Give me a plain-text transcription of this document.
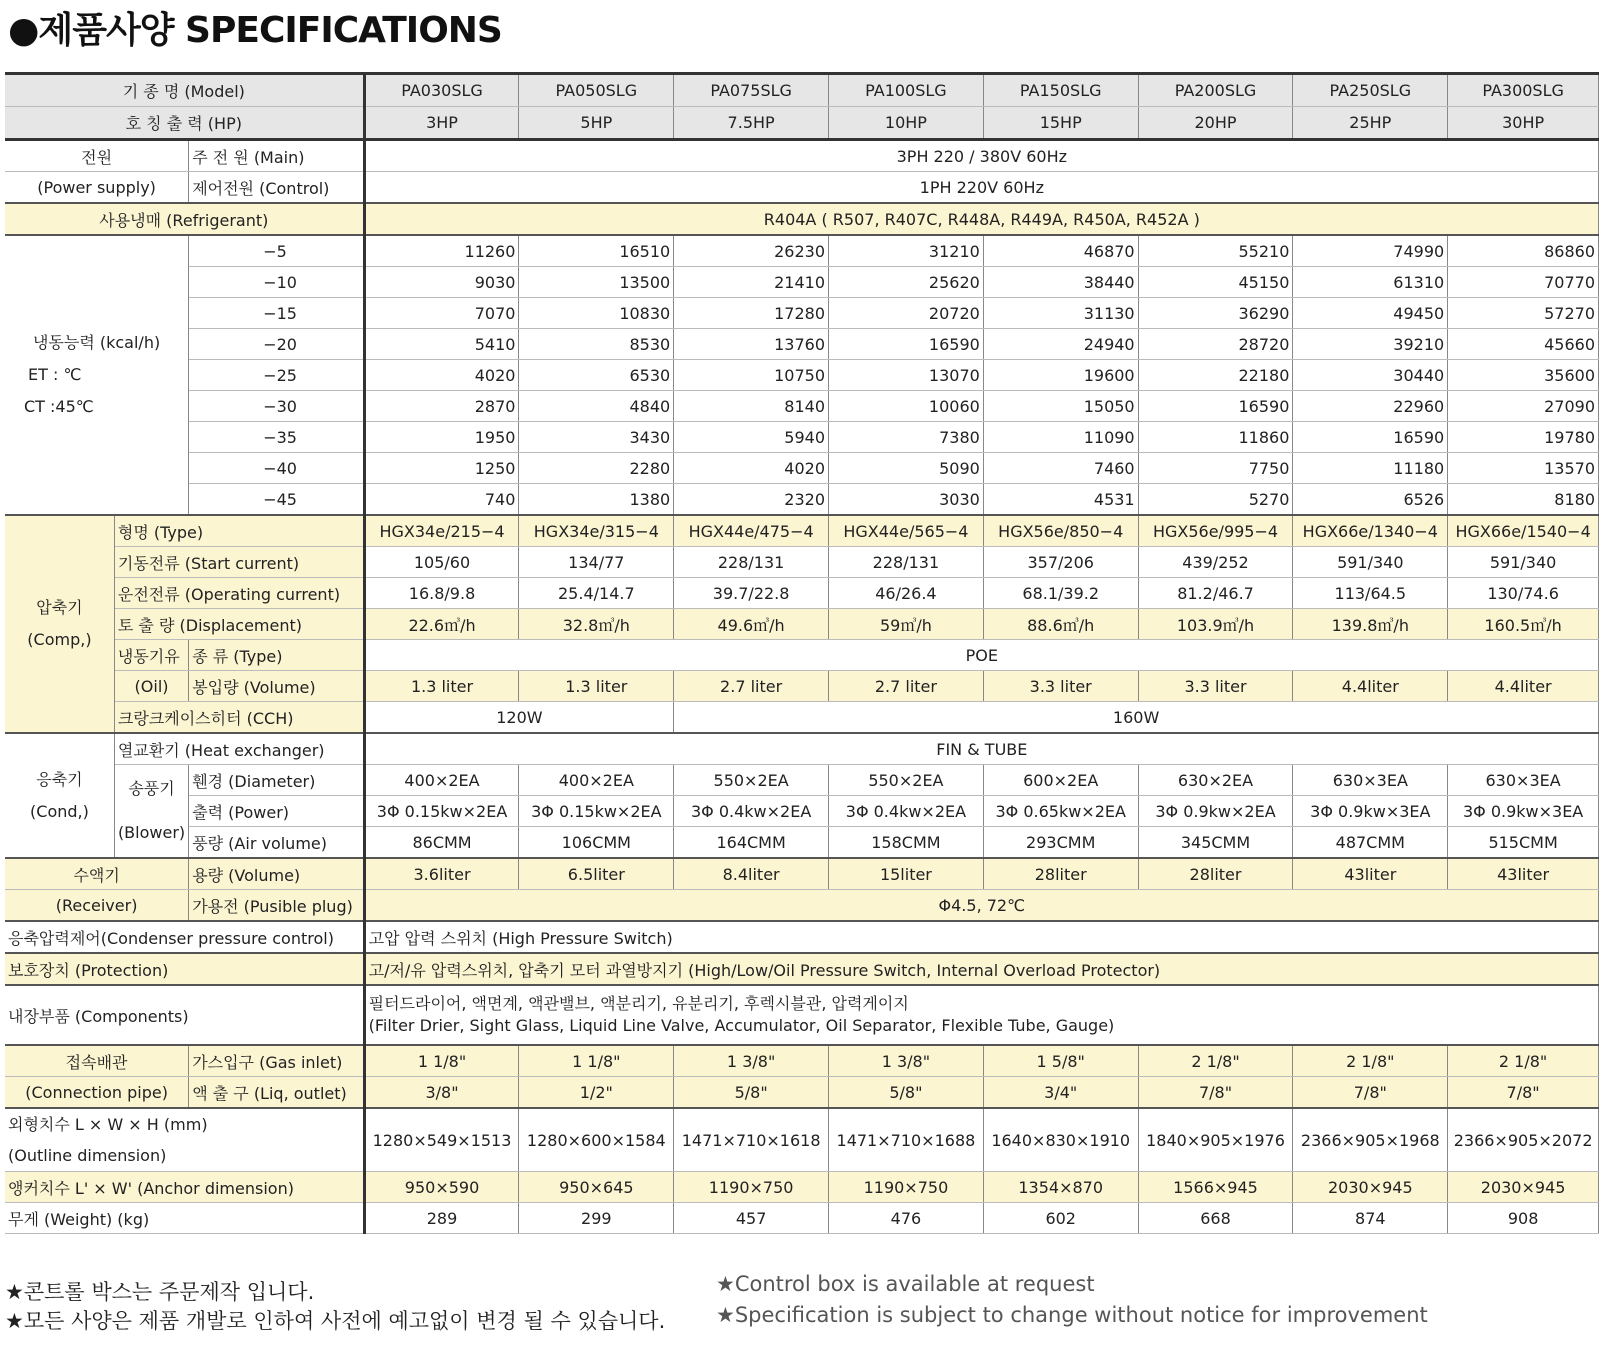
●제품사양 SPECIFICATIONS
기 종 명 (Model)			PA030SLG	PA050SLG	PA075SLG	PA100SLG	PA150SLG	PA200SLG	PA250SLG	PA300SLG
호 칭 출 력 (HP)			3HP	5HP	7.5HP	10HP	15HP	20HP	25HP	30HP
전원		주 전 원 (Main)	3PH 220 / 380V 60Hz							
(Power supply)		제어전원 (Control)	1PH 220V 60Hz							
사용냉매 (Refrigerant)			R404A ( R507, R407C, R448A, R449A, R450A, R452A )							

냉동능력 (kcal/h)
ET : ℃
CT :45℃		−5	11260	16510	26230	31210	46870	55210	74990	86860
		−10	9030	13500	21410	25620	38440	45150	61310	70770
		−15	7070	10830	17280	20720	31130	36290	49450	57270
		−20	5410	8530	13760	16590	24940	28720	39210	45660
		−25	4020	6530	10750	13070	19600	22180	30440	35600
		−30	2870	4840	8140	10060	15050	16590	22960	27090
		−35	1950	3430	5940	7380	11090	11860	16590	19780
		−40	1250	2280	4020	5090	7460	7750	11180	13570
		−45	740	1380	2320	3030	4531	5270	6526	8180

압축기
(Comp,)	형명 (Type)		HGX34e/215−4	HGX34e/315−4	HGX44e/475−4	HGX44e/565−4	HGX56e/850−4	HGX56e/995−4	HGX66e/1340−4	HGX66e/1540−4
	기동전류 (Start current)		105/60	134/77	228/131	228/131	357/206	439/252	591/340	591/340
	운전전류 (Operating current)		16.8/9.8	25.4/14.7	39.7/22.8	46/26.4	68.1/39.2	81.2/46.7	113/64.5	130/74.6
	토 출 량 (Displacement)		22.6㎥/h	32.8㎥/h	49.6㎥/h	59㎥/h	88.6㎥/h	103.9㎥/h	139.8㎥/h	160.5㎥/h
	냉동기유	종 류 (Type)	POE							
	(Oil)	봉입량 (Volume)	1.3 liter	1.3 liter	2.7 liter	2.7 liter	3.3 liter	3.3 liter	4.4liter	4.4liter
	크랑크케이스히터 (CCH)		120W		160W					

응축기
(Cond,)	열교환기 (Heat exchanger)		FIN & TUBE							

	송풍기
(Blower)	휀경 (Diameter)	400×2EA	400×2EA	550×2EA	550×2EA	600×2EA	630×2EA	630×3EA	630×3EA
		출력 (Power)	3Φ 0.15kw×2EA	3Φ 0.15kw×2EA	3Φ 0.4kw×2EA	3Φ 0.4kw×2EA	3Φ 0.65kw×2EA	3Φ 0.9kw×2EA	3Φ 0.9kw×3EA	3Φ 0.9kw×3EA
		풍량 (Air volume)	86CMM	106CMM	164CMM	158CMM	293CMM	345CMM	487CMM	515CMM
수액기		용량 (Volume)	3.6liter	6.5liter	8.4liter	15liter	28liter	28liter	43liter	43liter
(Receiver)		가용전 (Pusible plug)	Φ4.5, 72℃							
응축압력제어(Condenser pressure control)			고압 압력 스위치 (High Pressure Switch)							
보호장치 (Protection)			고/저/유 압력스위치, 압축기 모터 과열방지기 (High/Low/Oil Pressure Switch, Internal Overload Protector)							
내장부품 (Components)			필터드라이어, 액면계, 액관밸브, 액분리기, 유분리기, 후렉시블관, 압력게이지
(Filter Drier, Sight Glass, Liquid Line Valve, Accumulator, Oil Separator, Flexible Tube, Gauge)							

접속배관		가스입구 (Gas inlet)	1 1/8"	1 1/8"	1 3/8"	1 3/8"	1 5/8"	2 1/8"	2 1/8"	2 1/8"
(Connection pipe)		액 출 구 (Liq, outlet)	3/8"	1/2"	5/8"	5/8"	3/4"	7/8"	7/8"	7/8"

외형치수 L × W × H (mm)
(Outline dimension)			1280×549×1513	1280×600×1584	1471×710×1618	1471×710×1688	1640×830×1910	1840×905×1976	2366×905×1968	2366×905×2072
앵커치수 L' × W' (Anchor dimension)			950×590	950×645	1190×750	1190×750	1354×870	1566×945	2030×945	2030×945
무게 (Weight) (kg)			289	299	457	476	602	668	874	908
★콘트롤 박스는 주문제작 입니다.
★모든 사양은 제품 개발로 인하여 사전에 예고없이 변경 될 수 있습니다.
★Control box is available at request
★Specification is subject to change without notice for improvement
